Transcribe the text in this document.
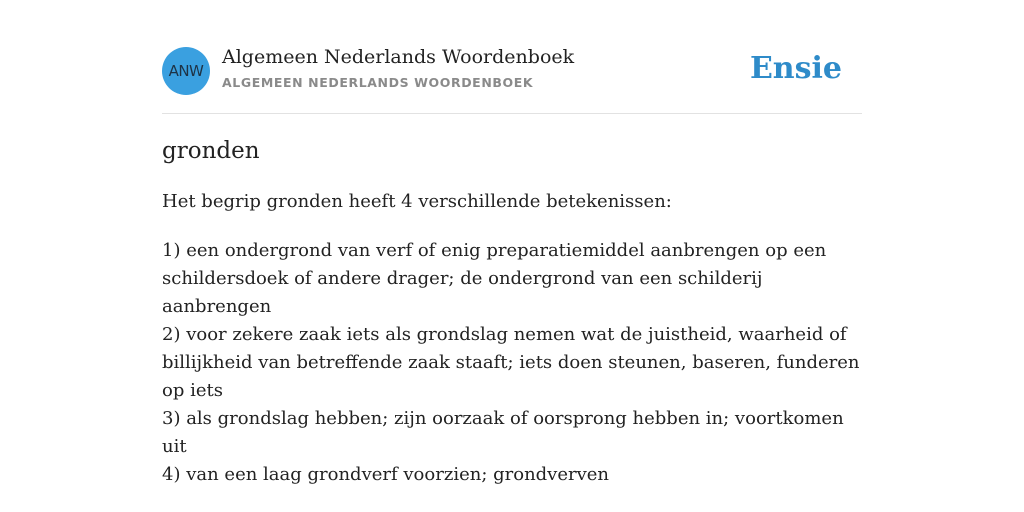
ANW
Algemeen Nederlands Woordenboek
ALGEMEEN NEDERLANDS WOORDENBOEK	Ensie
gronden

Het begrip gronden heeft 4 verschillende betekenissen:

1) een ondergrond van verf of enig preparatiemiddel aanbrengen op een schildersdoek of andere drager; de ondergrond van een schilderij aanbrengen
2) voor zekere zaak iets als grondslag nemen wat de juistheid, waarheid of billijkheid van betreffende zaak staaft; iets doen steunen, baseren, funderen op iets
3) als grondslag hebben; zijn oorzaak of oorsprong hebben in; voortkomen uit
4) van een laag grondverf voorzien; grondverven
